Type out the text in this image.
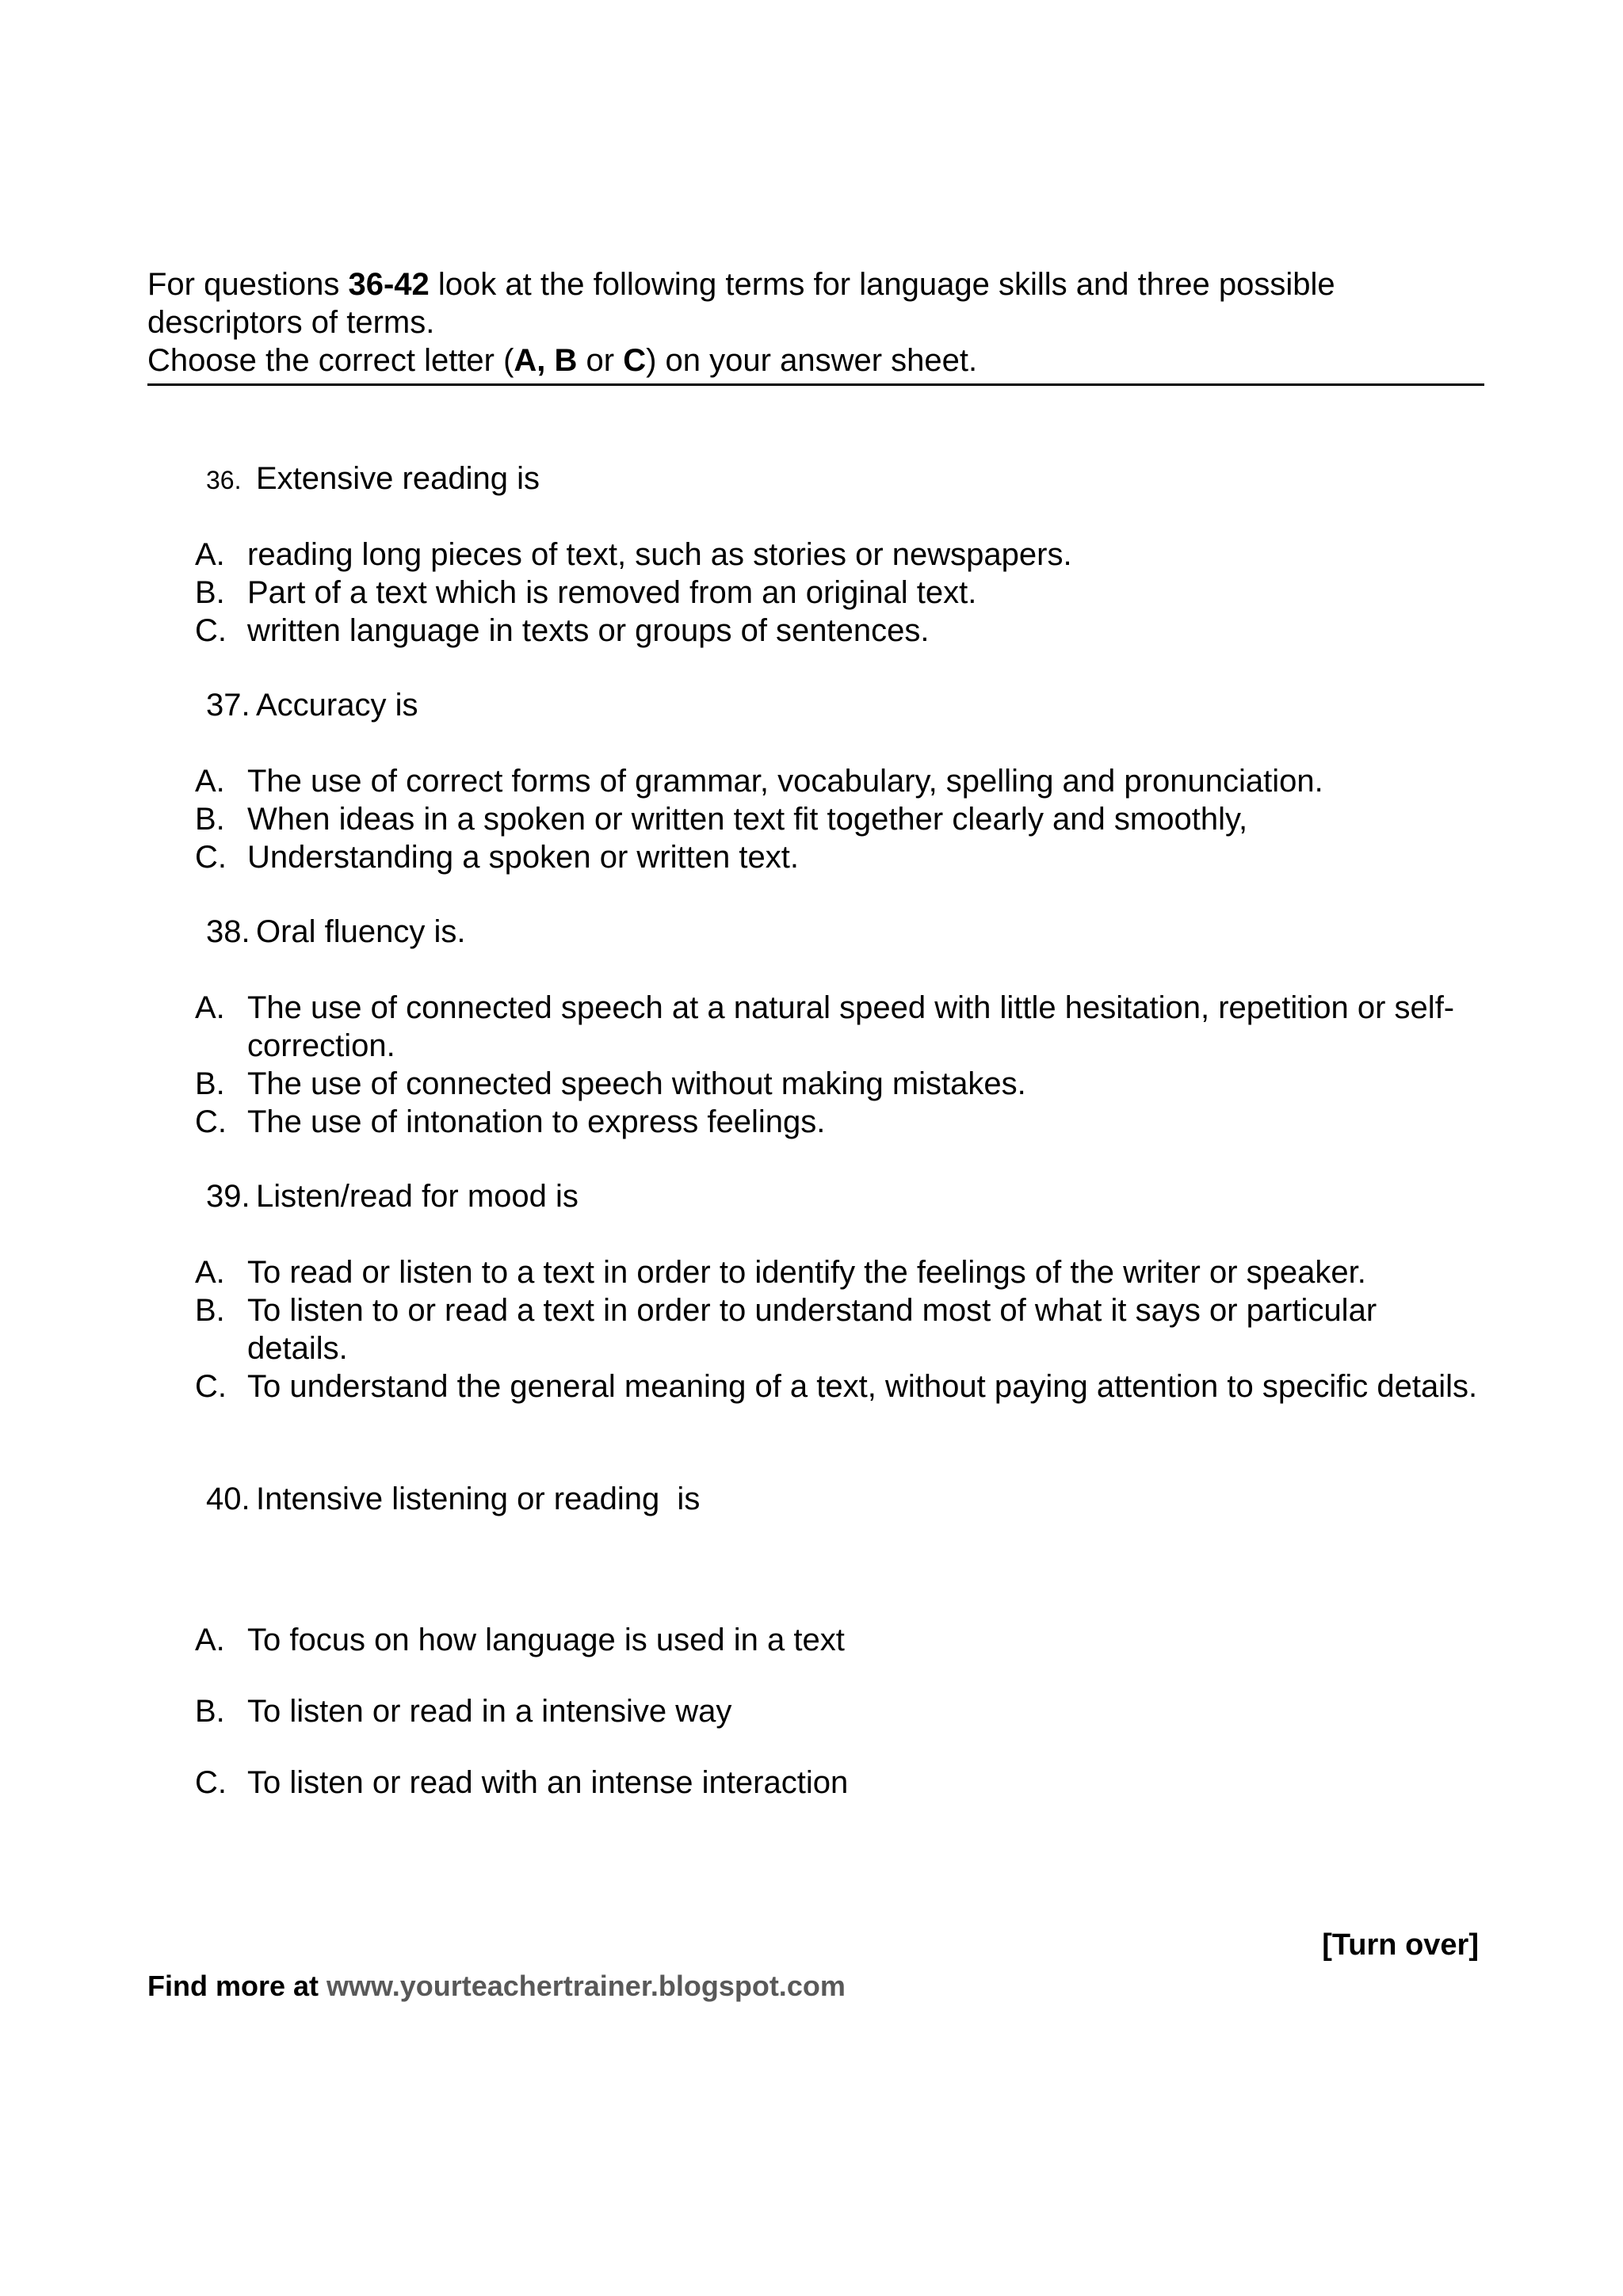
For questions 36-42 look at the following terms for language skills and three possible descriptors of terms.

Choose the correct letter (A, B or C) on your answer sheet.

36. Extensive reading is
A. reading long pieces of text, such as stories or newspapers.
B. Part of a text which is removed from an original text.
C. written language in texts or groups of sentences.
37. Accuracy is
A. The use of correct forms of grammar, vocabulary, spelling and pronunciation.
B. When ideas in a spoken or written text fit together clearly and smoothly,
C. Understanding a spoken or written text.
38. Oral fluency is.
A. The use of connected speech at a natural speed with little hesitation, repetition or self-correction.
B. The use of connected speech without making mistakes.
C. The use of intonation to express feelings.
39. Listen/read for mood is
A. To read or listen to a text in order to identify the feelings of the writer or speaker.
B. To listen to or read a text in order to understand most of what it says or particular details.
C. To understand the general meaning of a text, without paying attention to specific details.
40. Intensive listening or reading  is
A. To focus on how language is used in a text
B. To listen or read in a intensive way
C. To listen or read with an intense interaction
[Turn over]
Find more at www.yourteachertrainer.blogspot.com
